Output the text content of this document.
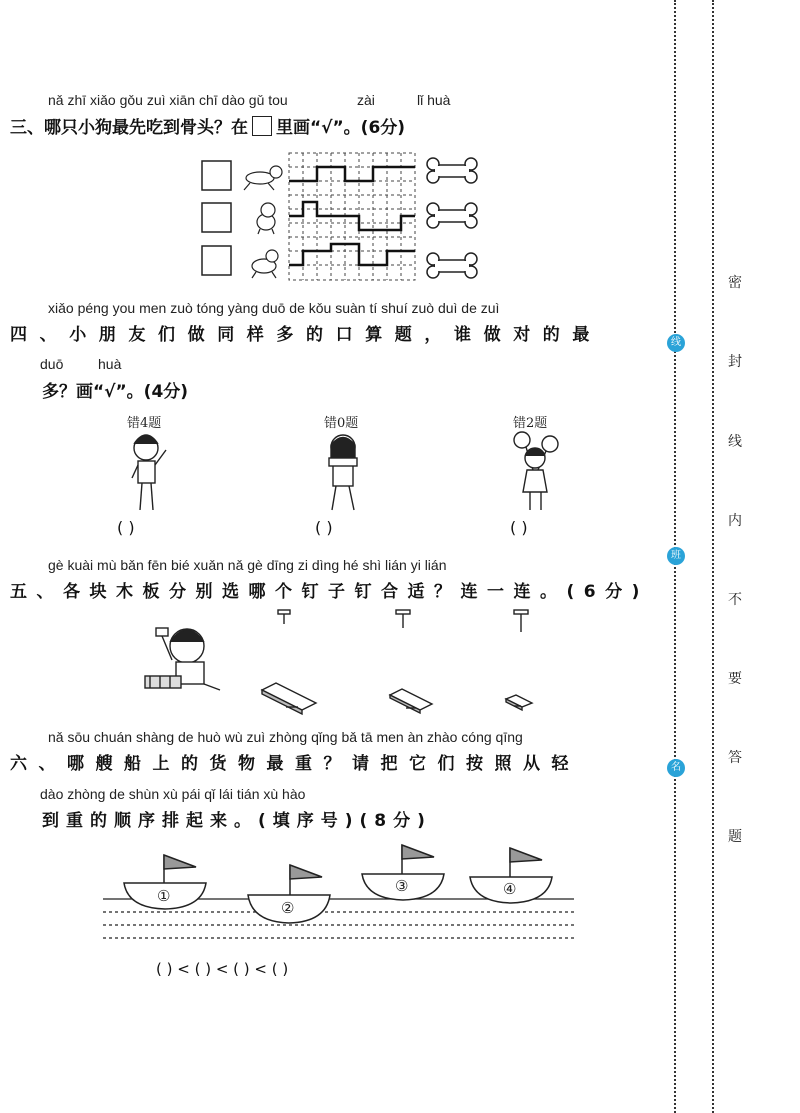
nǎ zhī xiǎo gǒu zuì xiān chī dào gǔ tou	zài	lǐ huà
三、哪只小狗最先吃到骨头？在 里画“√”。(6分)
xiǎo péng you men zuò tóng yàng duō de kǒu suàn tí shuí zuò duì de zuì
四、小朋友们做同样多的口算题，谁做对的最
duō huà
多？画“√”。(4分)
错4题	错0题	错2题
( )	( )	( )
gè kuài mù bǎn fēn bié xuǎn nǎ gè dīng zi dìng hé shì lián yi lián
五、各块木板分别选哪个钉子钉合适？连一连。(6分)
nǎ sōu chuán shàng de huò wù zuì zhòng qǐng bǎ tā men àn zhào cóng qīng
六、哪艘船上的货物最重？请把它们按照从轻
dào zhòng de shùn xù pái qǐ lái tián xù hào
到重的顺序排起来。(填序号)(8分)
①
②
③	④
( ) < ( ) < ( ) < ( )
线
班
名
密
封
线
内
不
要
答
题
